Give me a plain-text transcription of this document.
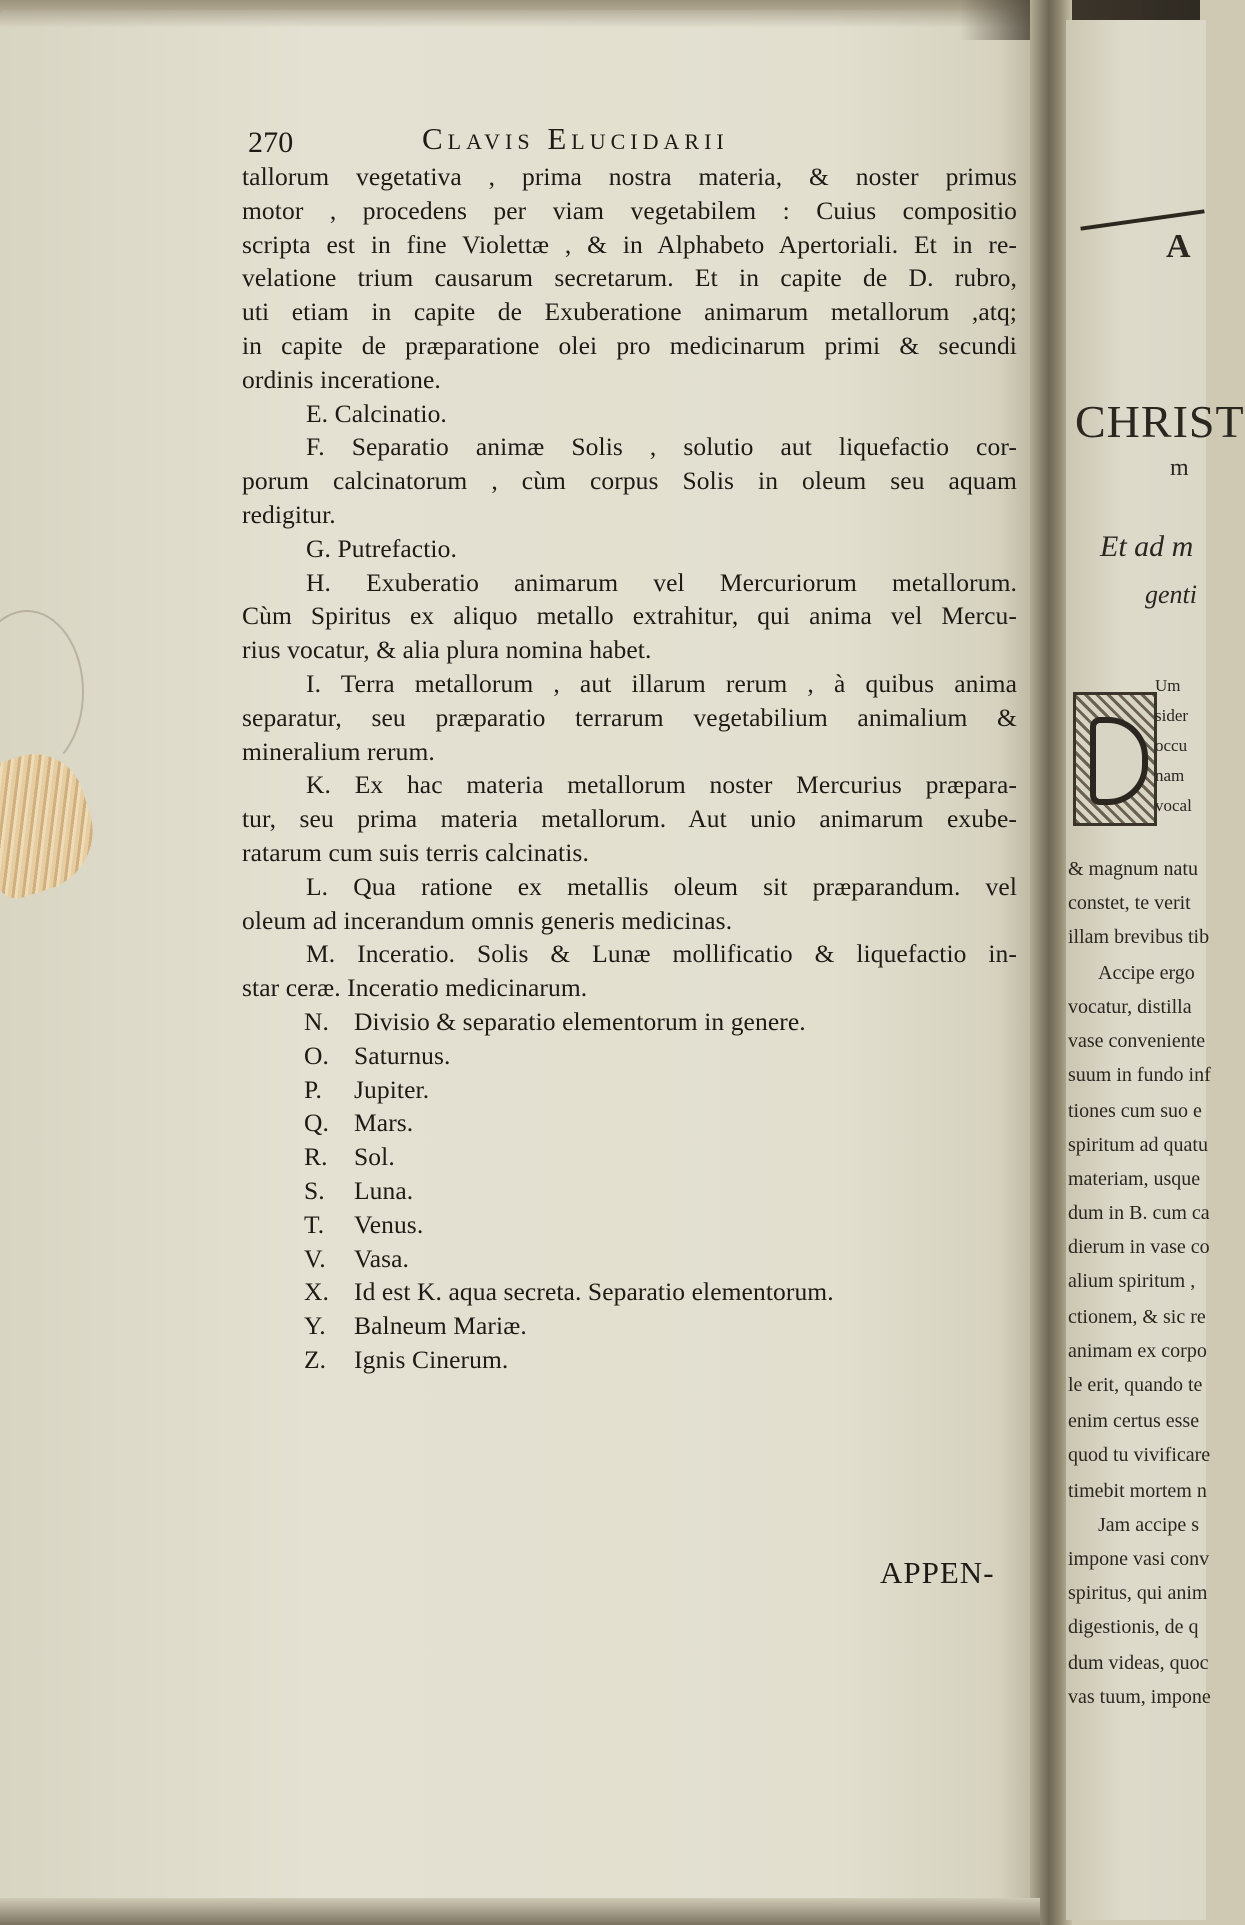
270	Clavis Elucidarii
tallorum vegetativa , prima nostra materia, & noster primus
motor , procedens per viam vegetabilem : Cuius compositio
scripta est in fine Violettæ , & in Alphabeto Apertoriali. Et in re-
velatione trium causarum secretarum. Et in capite de D. rubro,
uti etiam in capite de Exuberatione animarum metallorum ,atq;
in capite de præparatione olei pro medicinarum primi & secundi
ordinis inceratione.
E. Calcinatio.
F. Separatio animæ Solis , solutio aut liquefactio cor-
porum calcinatorum , cùm corpus Solis in oleum seu aquam
redigitur.
G. Putrefactio.
H. Exuberatio animarum vel Mercuriorum metallorum.
Cùm Spiritus ex aliquo metallo extrahitur, qui anima vel Mercu-
rius vocatur, & alia plura nomina habet.
I. Terra metallorum , aut illarum rerum , à quibus anima
separatur, seu præparatio terrarum vegetabilium animalium &
mineralium rerum.
K. Ex hac materia metallorum noster Mercurius præpara-
tur, seu prima materia metallorum. Aut unio animarum exube-
ratarum cum suis terris calcinatis.
L. Qua ratione ex metallis oleum sit præparandum. vel
oleum ad incerandum omnis generis medicinas.
M. Inceratio. Solis & Lunæ mollificatio & liquefactio in-
star ceræ. Inceratio medicinarum.
N. Divisio & separatio elementorum in genere.
O. Saturnus.
P. Jupiter.
Q. Mars.
R. Sol.
S. Luna.
T. Venus.
V. Vasa.
X. Id est K. aqua secreta. Separatio elementorum.
Y. Balneum Mariæ.
Z. Ignis Cinerum.
APPEN-
A
CHRIST
m
Et ad m
genti
Um
sider
occu
nam
vocal
& magnum natu
constet, te verit
illam brevibus tib
Accipe ergo
vocatur, distilla
vase conveniente
suum in fundo inf
tiones cum suo e
spiritum ad quatu
materiam, usque
dum in B. cum ca
dierum in vase co
alium spiritum ,
ctionem, & sic re
animam ex corpo
le erit, quando te
enim certus esse
quod tu vivificare
timebit mortem n
Jam accipe s
impone vasi conv
spiritus, qui anim
digestionis, de q
dum videas, quoc
vas tuum, impone
